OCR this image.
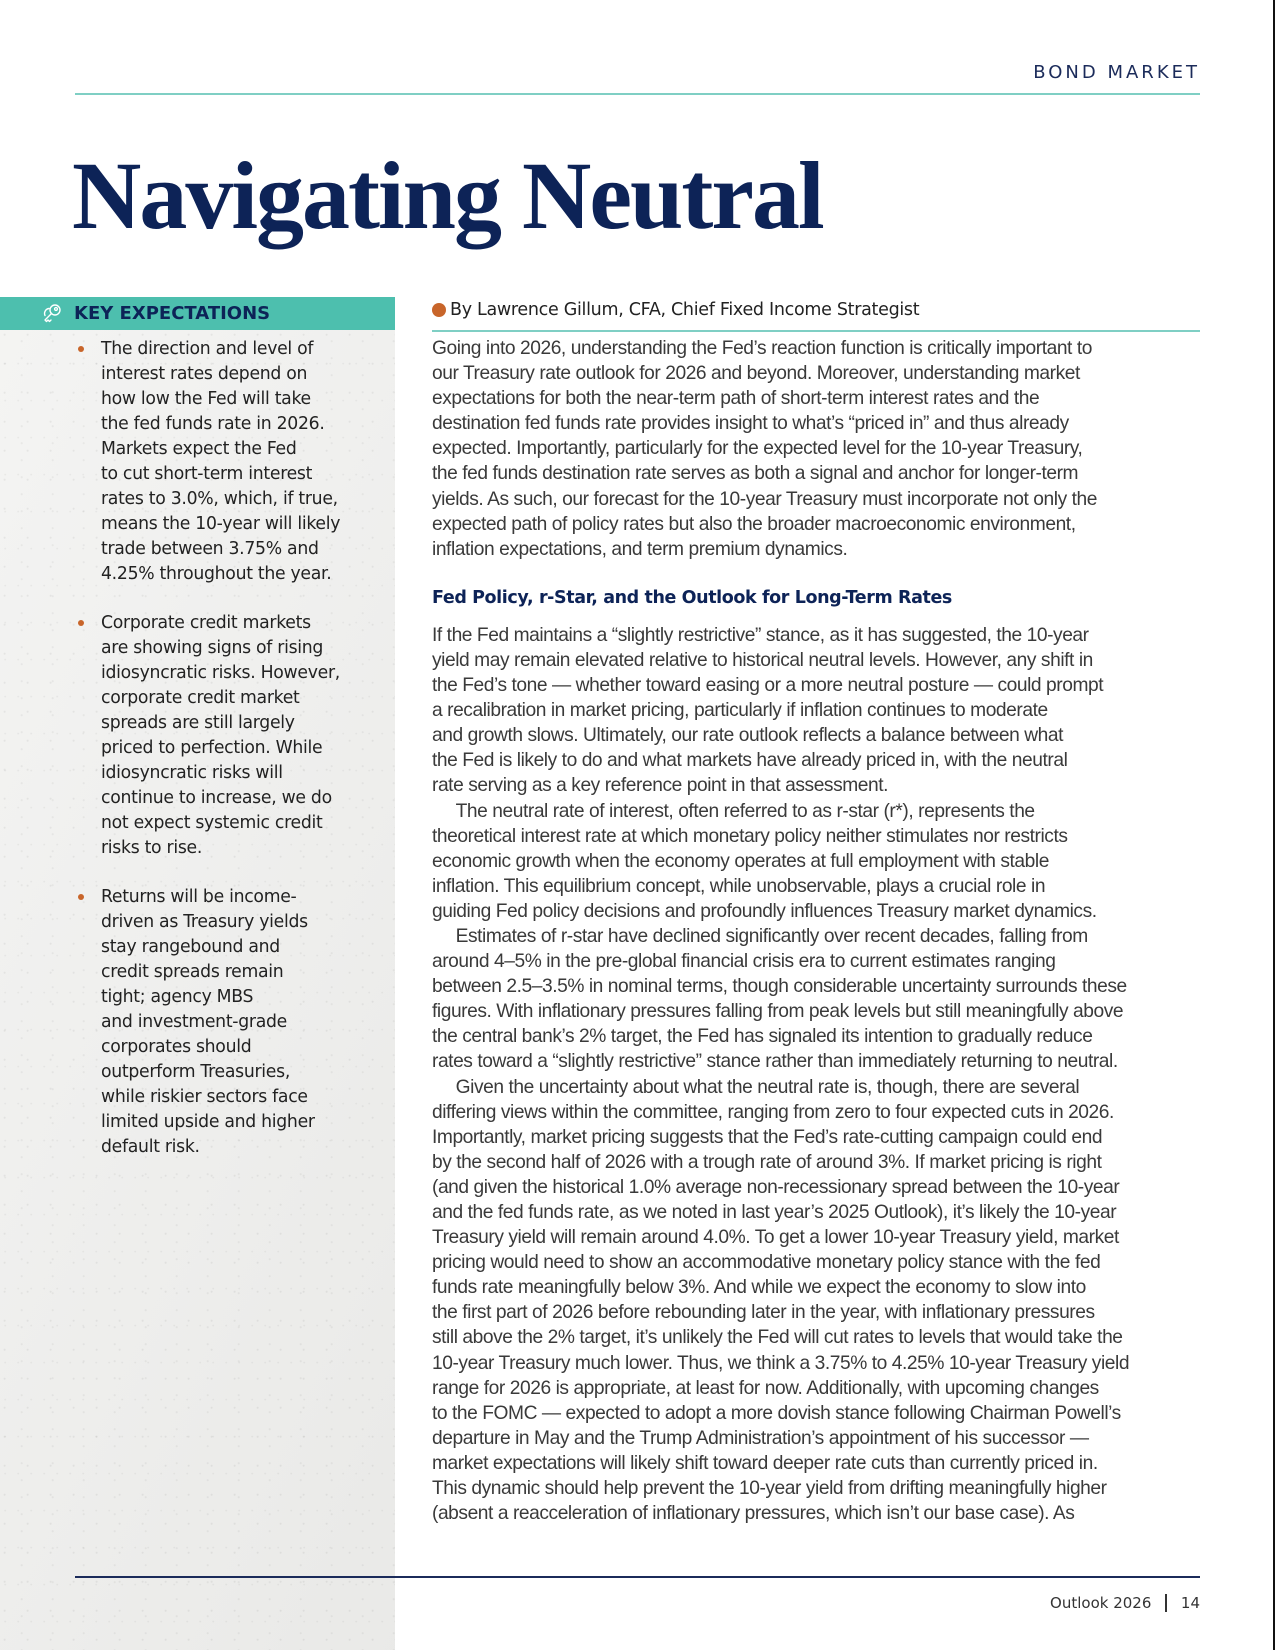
BOND MARKET
Navigating Neutral
KEY EXPECTATIONS
The direction and level of
interest rates depend on
how low the Fed will take
the fed funds rate in 2026.
Markets expect the Fed
to cut short-term interest
rates to 3.0%, which, if true,
means the 10-year will likely
trade between 3.75% and
4.25% throughout the year.
Corporate credit markets
are showing signs of rising
idiosyncratic risks. However,
corporate credit market
spreads are still largely
priced to perfection. While
idiosyncratic risks will
continue to increase, we do
not expect systemic credit
risks to rise.
Returns will be income-
driven as Treasury yields
stay rangebound and
credit spreads remain
tight; agency MBS
and investment-grade
corporates should
outperform Treasuries,
while riskier sectors face
limited upside and higher
default risk.
By Lawrence Gillum, CFA, Chief Fixed Income Strategist

Going into 2026, understanding the Fed’s reaction function is critically important to
our Treasury rate outlook for 2026 and beyond. Moreover, understanding market
expectations for both the near-term path of short-term interest rates and the
destination fed funds rate provides insight to what’s “priced in” and thus already
expected. Importantly, particularly for the expected level for the 10-year Treasury,
the fed funds destination rate serves as both a signal and anchor for longer-term
yields. As such, our forecast for the 10-year Treasury must incorporate not only the
expected path of policy rates but also the broader macroeconomic environment,
inflation expectations, and term premium dynamics.

Fed Policy, r-Star, and the Outlook for Long-Term Rates

If the Fed maintains a “slightly restrictive” stance, as it has suggested, the 10-year
yield may remain elevated relative to historical neutral levels. However, any shift in
the Fed’s tone — whether toward easing or a more neutral posture — could prompt
a recalibration in market pricing, particularly if inflation continues to moderate
and growth slows. Ultimately, our rate outlook reflects a balance between what
the Fed is likely to do and what markets have already priced in, with the neutral
rate serving as a key reference point in that assessment.

The neutral rate of interest, often referred to as r-star (r*), represents the
theoretical interest rate at which monetary policy neither stimulates nor restricts
economic growth when the economy operates at full employment with stable
inflation. This equilibrium concept, while unobservable, plays a crucial role in
guiding Fed policy decisions and profoundly influences Treasury market dynamics.

Estimates of r-star have declined significantly over recent decades, falling from
around 4–5% in the pre-global financial crisis era to current estimates ranging
between 2.5–3.5% in nominal terms, though considerable uncertainty surrounds these
figures. With inflationary pressures falling from peak levels but still meaningfully above
the central bank’s 2% target, the Fed has signaled its intention to gradually reduce
rates toward a “slightly restrictive” stance rather than immediately returning to neutral.

Given the uncertainty about what the neutral rate is, though, there are several
differing views within the committee, ranging from zero to four expected cuts in 2026.
Importantly, market pricing suggests that the Fed’s rate-cutting campaign could end
by the second half of 2026 with a trough rate of around 3%. If market pricing is right
(and given the historical 1.0% average non-recessionary spread between the 10-year
and the fed funds rate, as we noted in last year’s 2025 Outlook), it’s likely the 10-year
Treasury yield will remain around 4.0%. To get a lower 10-year Treasury yield, market
pricing would need to show an accommodative monetary policy stance with the fed
funds rate meaningfully below 3%. And while we expect the economy to slow into
the first part of 2026 before rebounding later in the year, with inflationary pressures
still above the 2% target, it’s unlikely the Fed will cut rates to levels that would take the
10-year Treasury much lower. Thus, we think a 3.75% to 4.25% 10-year Treasury yield
range for 2026 is appropriate, at least for now. Additionally, with upcoming changes
to the FOMC — expected to adopt a more dovish stance following Chairman Powell’s
departure in May and the Trump Administration’s appointment of his successor —
market expectations will likely shift toward deeper rate cuts than currently priced in.
This dynamic should help prevent the 10-year yield from drifting meaningfully higher
(absent a reacceleration of inflationary pressures, which isn’t our base case). As

Outlook 2026 14
